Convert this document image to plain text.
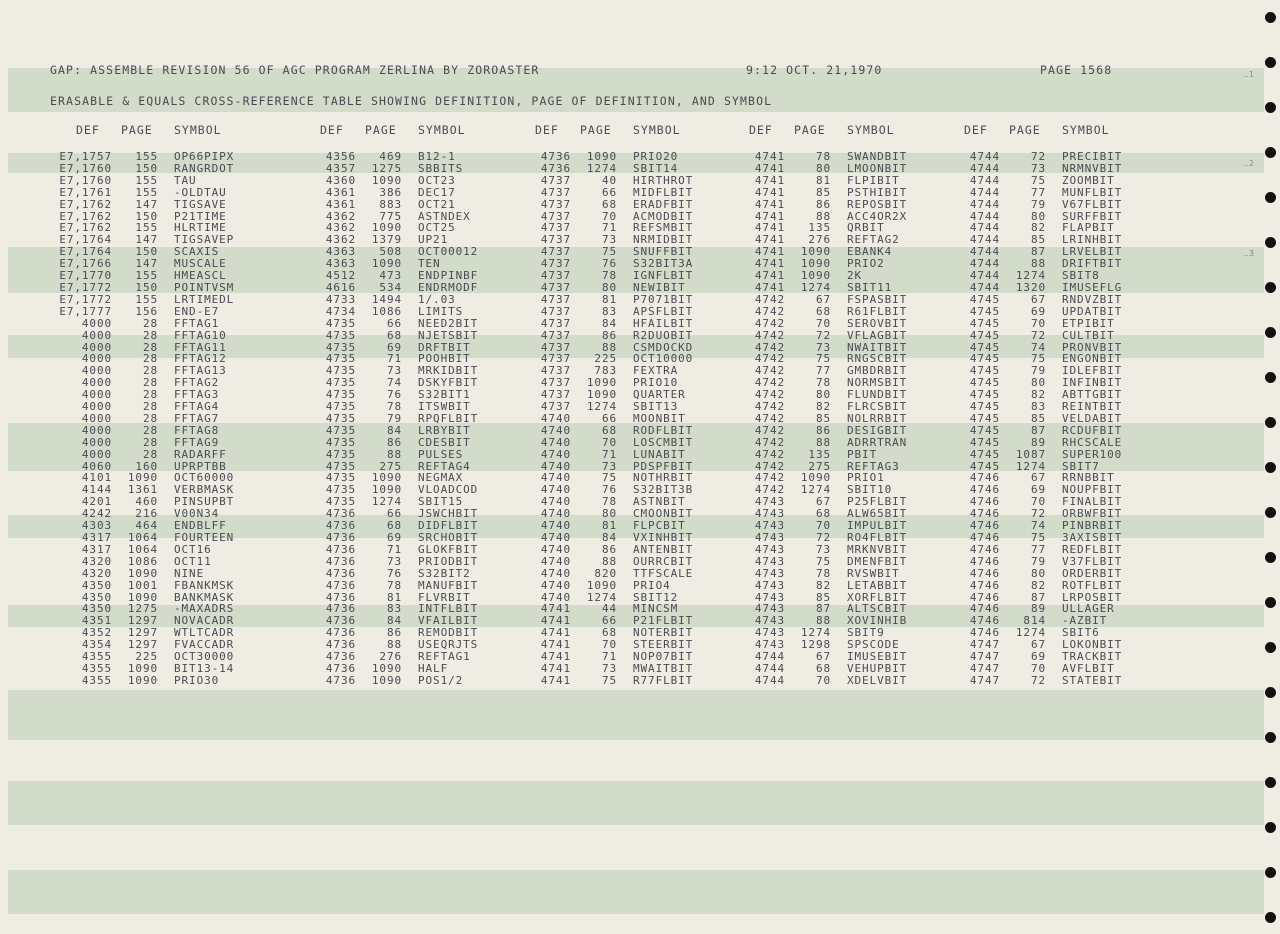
..1
..2
..3
GAP: ASSEMBLE REVISION 56 OF AGC PROGRAM ZERLINA BY ZOROASTER	9:12 OCT. 21,1970	PAGE 1568
ERASABLE & EQUALS CROSS-REFERENCE TABLE SHOWING DEFINITION, PAGE OF DEFINITION, AND SYMBOL
DEF PAGE SYMBOL	DEF PAGE SYMBOL	DEF PAGE SYMBOL	DEF PAGE SYMBOL	DEF PAGE SYMBOL
E7,1757	155 OP66PIPX	4356	469 B12-1	4736	1090 PRIO20	4741	78 SWANDBIT	4744	72 PRECIBIT
E7,1760	150 RANGRDOT	4357	1275 SBBITS	4736	1274 SBIT14	4741	80 LMOONBIT	4744	73 NRMNVBIT
E7,1760	155 TAU	4360	1090 OCT23	4737	40 HIRTHROT	4741	81 FLPIBIT	4744	75 ZOOMBIT
E7,1761	155 -OLDTAU	4361	386 DEC17	4737	66 MIDFLBIT	4741	85 PSTHIBIT	4744	77 MUNFLBIT
E7,1762	147 TIGSAVE	4361	883 OCT21	4737	68 ERADFBIT	4741	86 REPOSBIT	4744	79 V67FLBIT
E7,1762	150 P21TIME	4362	775 ASTNDEX	4737	70 ACMODBIT	4741	88 ACC4OR2X	4744	80 SURFFBIT
E7,1762	155 HLRTIME	4362	1090 OCT25	4737	71 REFSMBIT	4741	135 QRBIT	4744	82 FLAPBIT
E7,1764	147 TIGSAVEP	4362	1379 UP21	4737	73 NRMIDBIT	4741	276 REFTAG2	4744	85 LRINHBIT
E7,1764	150 SCAXIS	4363	508 OCT00012	4737	75 SNUFFBIT	4741	1090 EBANK4	4744	87 LRVELBIT
E7,1766	147 MUSCALE	4363	1090 TEN	4737	76 S32BIT3A	4741	1090 PRIO2	4744	88 DRIFTBIT
E7,1770	155 HMEASCL	4512	473 ENDPINBF	4737	78 IGNFLBIT	4741	1090 2K	4744	1274 SBIT8
E7,1772	150 POINTVSM	4616	534 ENDRMODF	4737	80 NEWIBIT	4741	1274 SBIT11	4744	1320 IMUSEFLG
E7,1772	155 LRTIMEDL	4733	1494 1/.03	4737	81 P7071BIT	4742	67 FSPASBIT	4745	67 RNDVZBIT
E7,1777	156 END-E7	4734	1086 LIMITS	4737	83 APSFLBIT	4742	68 R61FLBIT	4745	69 UPDATBIT
4000	28 FFTAG1	4735	66 NEED2BIT	4737	84 HFAILBIT	4742	70 SEROVBIT	4745	70 ETPIBIT
4000	28 FFTAG10	4735	68 NJETSBIT	4737	86 R2DUOBIT	4742	72 VFLAGBIT	4745	72 CULTBIT
4000	28 FFTAG11	4735	69 DRFTBIT	4737	88 CSMDOCKD	4742	73 NWAITBIT	4745	74 PRONVBIT
4000	28 FFTAG12	4735	71 POOHBIT	4737	225 OCT10000	4742	75 RNGSCBIT	4745	75 ENGONBIT
4000	28 FFTAG13	4735	73 MRKIDBIT	4737	783 FEXTRA	4742	77 GMBDRBIT	4745	79 IDLEFBIT
4000	28 FFTAG2	4735	74 DSKYFBIT	4737	1090 PRIO10	4742	78 NORMSBIT	4745	80 INFINBIT
4000	28 FFTAG3	4735	76 S32BIT1	4737	1090 QUARTER	4742	80 FLUNDBIT	4745	82 ABTTGBIT
4000	28 FFTAG4	4735	78 ITSWBIT	4737	1274 SBIT13	4742	82 FLRCSBIT	4745	83 REINTBIT
4000	28 FFTAG7	4735	79 RPQFLBIT	4740	66 MOONBIT	4742	85 NOLRRBIT	4745	85 VELDABIT
4000	28 FFTAG8	4735	84 LRBYBIT	4740	68 RODFLBIT	4742	86 DESIGBIT	4745	87 RCDUFBIT
4000	28 FFTAG9	4735	86 CDESBIT	4740	70 LOSCMBIT	4742	88 ADRRTRAN	4745	89 RHCSCALE
4000	28 RADARFF	4735	88 PULSES	4740	71 LUNABIT	4742	135 PBIT	4745	1087 SUPER100
4060	160 UPRPTBB	4735	275 REFTAG4	4740	73 PDSPFBIT	4742	275 REFTAG3	4745	1274 SBIT7
4101	1090 OCT60000	4735	1090 NEGMAX	4740	75 NOTHRBIT	4742	1090 PRIO1	4746	67 RRNBBIT
4144	1361 VERBMASK	4735	1090 VLOADCOD	4740	76 S32BIT3B	4742	1274 SBIT10	4746	69 NOUPFBIT
4201	460 PINSUPBT	4735	1274 SBIT15	4740	78 ASTNBIT	4743	67 P25FLBIT	4746	70 FINALBIT
4242	216 V00N34	4736	66 JSWCHBIT	4740	80 CMOONBIT	4743	68 ALW65BIT	4746	72 ORBWFBIT
4303	464 ENDBLFF	4736	68 DIDFLBIT	4740	81 FLPCBIT	4743	70 IMPULBIT	4746	74 PINBRBIT
4317	1064 FOURTEEN	4736	69 SRCHOBIT	4740	84 VXINHBIT	4743	72 RO4FLBIT	4746	75 3AXISBIT
4317	1064 OCT16	4736	71 GLOKFBIT	4740	86 ANTENBIT	4743	73 MRKNVBIT	4746	77 REDFLBIT
4320	1086 OCT11	4736	73 PRIODBIT	4740	88 OURRCBIT	4743	75 DMENFBIT	4746	79 V37FLBIT
4320	1090 NINE	4736	76 S32BIT2	4740	820 TTFSCALE	4743	78 RVSWBIT	4746	80 ORDERBIT
4350	1001 FBANKMSK	4736	78 MANUFBIT	4740	1090 PRIO4	4743	82 LETABBIT	4746	82 ROTFLBIT
4350	1090 BANKMASK	4736	81 FLVRBIT	4740	1274 SBIT12	4743	85 XORFLBIT	4746	87 LRPOSBIT
4350	1275 -MAXADRS	4736	83 INTFLBIT	4741	44 MINCSM	4743	87 ALTSCBIT	4746	89 ULLAGER
4351	1297 NOVACADR	4736	84 VFAILBIT	4741	66 P21FLBIT	4743	88 XOVINHIB	4746	814 -AZBIT
4352	1297 WTLTCADR	4736	86 REMODBIT	4741	68 NOTERBIT	4743	1274 SBIT9	4746	1274 SBIT6
4354	1297 FVACCADR	4736	88 USEQRJTS	4741	70 STEERBIT	4743	1298 SPSCODE	4747	67 LOKONBIT
4355	225 OCT30000	4736	276 REFTAG1	4741	71 NOP07BIT	4744	67 IMUSEBIT	4747	69 TRACKBIT
4355	1090 BIT13-14	4736	1090 HALF	4741	73 MWAITBIT	4744	68 VEHUPBIT	4747	70 AVFLBIT
4355	1090 PRIO30	4736	1090 POS1/2	4741	75 R77FLBIT	4744	70 XDELVBIT	4747	72 STATEBIT
